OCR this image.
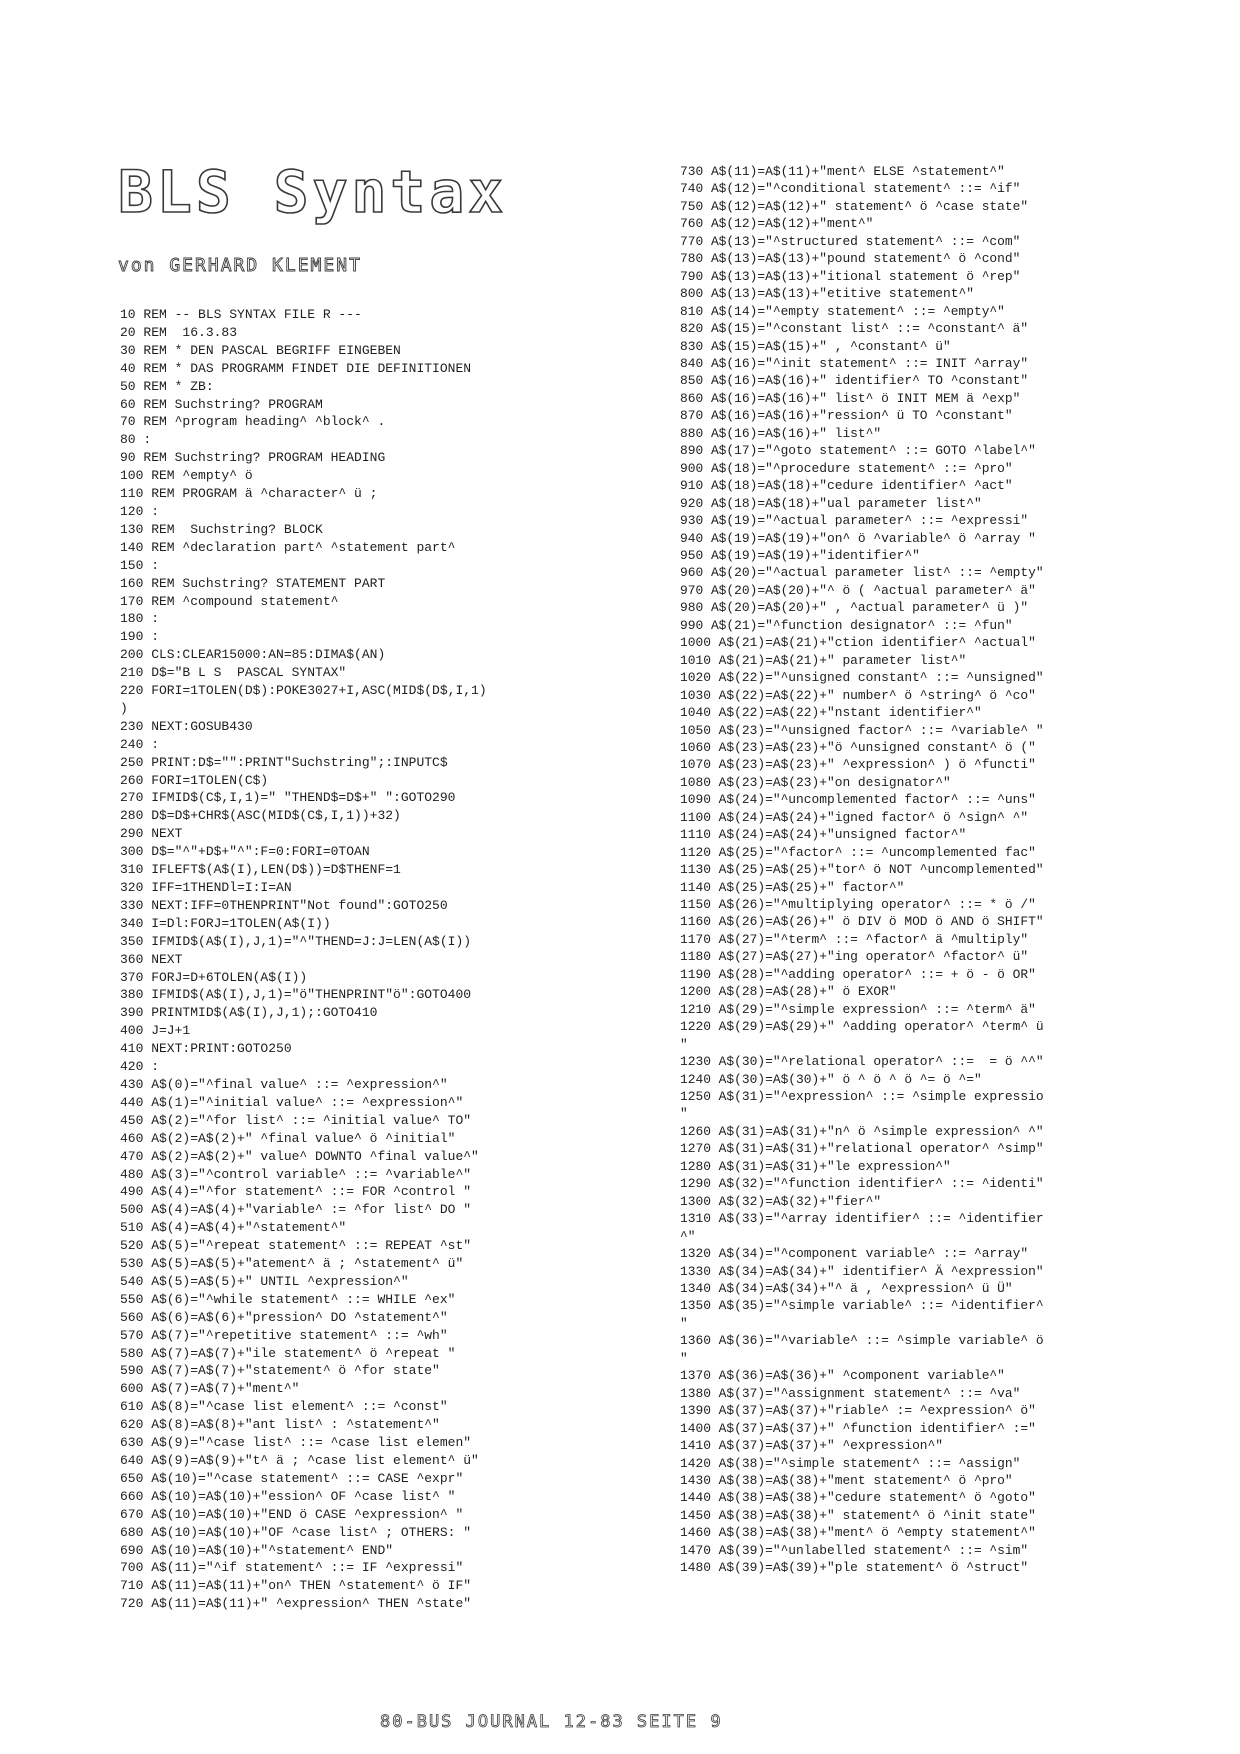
BLS Syntax
von GERHARD KLEMENT
10 REM -- BLS SYNTAX FILE R ---
20 REM  16.3.83
30 REM * DEN PASCAL BEGRIFF EINGEBEN
40 REM * DAS PROGRAMM FINDET DIE DEFINITIONEN
50 REM * ZB:
60 REM Suchstring? PROGRAM
70 REM ^program heading^ ^block^ .
80 :
90 REM Suchstring? PROGRAM HEADING
100 REM ^empty^ ö
110 REM PROGRAM ä ^character^ ü ;
120 :
130 REM  Suchstring? BLOCK
140 REM ^declaration part^ ^statement part^
150 :
160 REM Suchstring? STATEMENT PART
170 REM ^compound statement^
180 :
190 :
200 CLS:CLEAR15000:AN=85:DIMA$(AN)
210 D$="B L S  PASCAL SYNTAX"
220 FORI=1TOLEN(D$):POKE3027+I,ASC(MID$(D$,I,1)
)
230 NEXT:GOSUB430
240 :
250 PRINT:D$="":PRINT"Suchstring";:INPUTC$
260 FORI=1TOLEN(C$)
270 IFMID$(C$,I,1)=" "THEND$=D$+" ":GOTO290
280 D$=D$+CHR$(ASC(MID$(C$,I,1))+32)
290 NEXT
300 D$="^"+D$+"^":F=0:FORI=0TOAN
310 IFLEFT$(A$(I),LEN(D$))=D$THENF=1
320 IFF=1THENDl=I:I=AN
330 NEXT:IFF=0THENPRINT"Not found":GOTO250
340 I=Dl:FORJ=1TOLEN(A$(I))
350 IFMID$(A$(I),J,1)="^"THEND=J:J=LEN(A$(I))
360 NEXT
370 FORJ=D+6TOLEN(A$(I))
380 IFMID$(A$(I),J,1)="ö"THENPRINT"ö":GOTO400
390 PRINTMID$(A$(I),J,1);:GOTO410
400 J=J+1
410 NEXT:PRINT:GOTO250
420 :
430 A$(0)="^final value^ ::= ^expression^"
440 A$(1)="^initial value^ ::= ^expression^"
450 A$(2)="^for list^ ::= ^initial value^ TO"
460 A$(2)=A$(2)+" ^final value^ ö ^initial"
470 A$(2)=A$(2)+" value^ DOWNTO ^final value^"
480 A$(3)="^control variable^ ::= ^variable^"
490 A$(4)="^for statement^ ::= FOR ^control "
500 A$(4)=A$(4)+"variable^ := ^for list^ DO "
510 A$(4)=A$(4)+"^statement^"
520 A$(5)="^repeat statement^ ::= REPEAT ^st"
530 A$(5)=A$(5)+"atement^ ä ; ^statement^ ü"
540 A$(5)=A$(5)+" UNTIL ^expression^"
550 A$(6)="^while statement^ ::= WHILE ^ex"
560 A$(6)=A$(6)+"pression^ DO ^statement^"
570 A$(7)="^repetitive statement^ ::= ^wh"
580 A$(7)=A$(7)+"ile statement^ ö ^repeat "
590 A$(7)=A$(7)+"statement^ ö ^for state"
600 A$(7)=A$(7)+"ment^"
610 A$(8)="^case list element^ ::= ^const"
620 A$(8)=A$(8)+"ant list^ : ^statement^"
630 A$(9)="^case list^ ::= ^case list elemen"
640 A$(9)=A$(9)+"t^ ä ; ^case list element^ ü"
650 A$(10)="^case statement^ ::= CASE ^expr"
660 A$(10)=A$(10)+"ession^ OF ^case list^ "
670 A$(10)=A$(10)+"END ö CASE ^expression^ "
680 A$(10)=A$(10)+"OF ^case list^ ; OTHERS: "
690 A$(10)=A$(10)+"^statement^ END"
700 A$(11)="^if statement^ ::= IF ^expressi"
710 A$(11)=A$(11)+"on^ THEN ^statement^ ö IF"
720 A$(11)=A$(11)+" ^expression^ THEN ^state"

730 A$(11)=A$(11)+"ment^ ELSE ^statement^"
740 A$(12)="^conditional statement^ ::= ^if"
750 A$(12)=A$(12)+" statement^ ö ^case state"
760 A$(12)=A$(12)+"ment^"
770 A$(13)="^structured statement^ ::= ^com"
780 A$(13)=A$(13)+"pound statement^ ö ^cond"
790 A$(13)=A$(13)+"itional statement ö ^rep"
800 A$(13)=A$(13)+"etitive statement^"
810 A$(14)="^empty statement^ ::= ^empty^"
820 A$(15)="^constant list^ ::= ^constant^ ä"
830 A$(15)=A$(15)+" , ^constant^ ü"
840 A$(16)="^init statement^ ::= INIT ^array"
850 A$(16)=A$(16)+" identifier^ TO ^constant"
860 A$(16)=A$(16)+" list^ ö INIT MEM ä ^exp"
870 A$(16)=A$(16)+"ression^ ü TO ^constant"
880 A$(16)=A$(16)+" list^"
890 A$(17)="^goto statement^ ::= GOTO ^label^"
900 A$(18)="^procedure statement^ ::= ^pro"
910 A$(18)=A$(18)+"cedure identifier^ ^act"
920 A$(18)=A$(18)+"ual parameter list^"
930 A$(19)="^actual parameter^ ::= ^expressi"
940 A$(19)=A$(19)+"on^ ö ^variable^ ö ^array "
950 A$(19)=A$(19)+"identifier^"
960 A$(20)="^actual parameter list^ ::= ^empty"
970 A$(20)=A$(20)+"^ ö ( ^actual parameter^ ä"
980 A$(20)=A$(20)+" , ^actual parameter^ ü )"
990 A$(21)="^function designator^ ::= ^fun"
1000 A$(21)=A$(21)+"ction identifier^ ^actual"
1010 A$(21)=A$(21)+" parameter list^"
1020 A$(22)="^unsigned constant^ ::= ^unsigned"
1030 A$(22)=A$(22)+" number^ ö ^string^ ö ^co"
1040 A$(22)=A$(22)+"nstant identifier^"
1050 A$(23)="^unsigned factor^ ::= ^variable^ "
1060 A$(23)=A$(23)+"ö ^unsigned constant^ ö ("
1070 A$(23)=A$(23)+" ^expression^ ) ö ^functi"
1080 A$(23)=A$(23)+"on designator^"
1090 A$(24)="^uncomplemented factor^ ::= ^uns"
1100 A$(24)=A$(24)+"igned factor^ ö ^sign^ ^"
1110 A$(24)=A$(24)+"unsigned factor^"
1120 A$(25)="^factor^ ::= ^uncomplemented fac"
1130 A$(25)=A$(25)+"tor^ ö NOT ^uncomplemented"
1140 A$(25)=A$(25)+" factor^"
1150 A$(26)="^multiplying operator^ ::= * ö /"
1160 A$(26)=A$(26)+" ö DIV ö MOD ö AND ö SHIFT"
1170 A$(27)="^term^ ::= ^factor^ ä ^multiply"
1180 A$(27)=A$(27)+"ing operator^ ^factor^ ü"
1190 A$(28)="^adding operator^ ::= + ö - ö OR"
1200 A$(28)=A$(28)+" ö EXOR"
1210 A$(29)="^simple expression^ ::= ^term^ ä"
1220 A$(29)=A$(29)+" ^adding operator^ ^term^ ü
"
1230 A$(30)="^relational operator^ ::=  = ö ^^"
1240 A$(30)=A$(30)+" ö ^ ö ^ ö ^= ö ^="
1250 A$(31)="^expression^ ::= ^simple expressio
"
1260 A$(31)=A$(31)+"n^ ö ^simple expression^ ^"
1270 A$(31)=A$(31)+"relational operator^ ^simp"
1280 A$(31)=A$(31)+"le expression^"
1290 A$(32)="^function identifier^ ::= ^identi"
1300 A$(32)=A$(32)+"fier^"
1310 A$(33)="^array identifier^ ::= ^identifier
^"
1320 A$(34)="^component variable^ ::= ^array"
1330 A$(34)=A$(34)+" identifier^ Ä ^expression"
1340 A$(34)=A$(34)+"^ ä , ^expression^ ü Ü"
1350 A$(35)="^simple variable^ ::= ^identifier^
"
1360 A$(36)="^variable^ ::= ^simple variable^ ö
"
1370 A$(36)=A$(36)+" ^component variable^"
1380 A$(37)="^assignment statement^ ::= ^va"
1390 A$(37)=A$(37)+"riable^ := ^expression^ ö"
1400 A$(37)=A$(37)+" ^function identifier^ :="
1410 A$(37)=A$(37)+" ^expression^"
1420 A$(38)="^simple statement^ ::= ^assign"
1430 A$(38)=A$(38)+"ment statement^ ö ^pro"
1440 A$(38)=A$(38)+"cedure statement^ ö ^goto"
1450 A$(38)=A$(38)+" statement^ ö ^init state"
1460 A$(38)=A$(38)+"ment^ ö ^empty statement^"
1470 A$(39)="^unlabelled statement^ ::= ^sim"
1480 A$(39)=A$(39)+"ple statement^ ö ^struct"

80-BUS JOURNAL 12-83 SEITE 9
